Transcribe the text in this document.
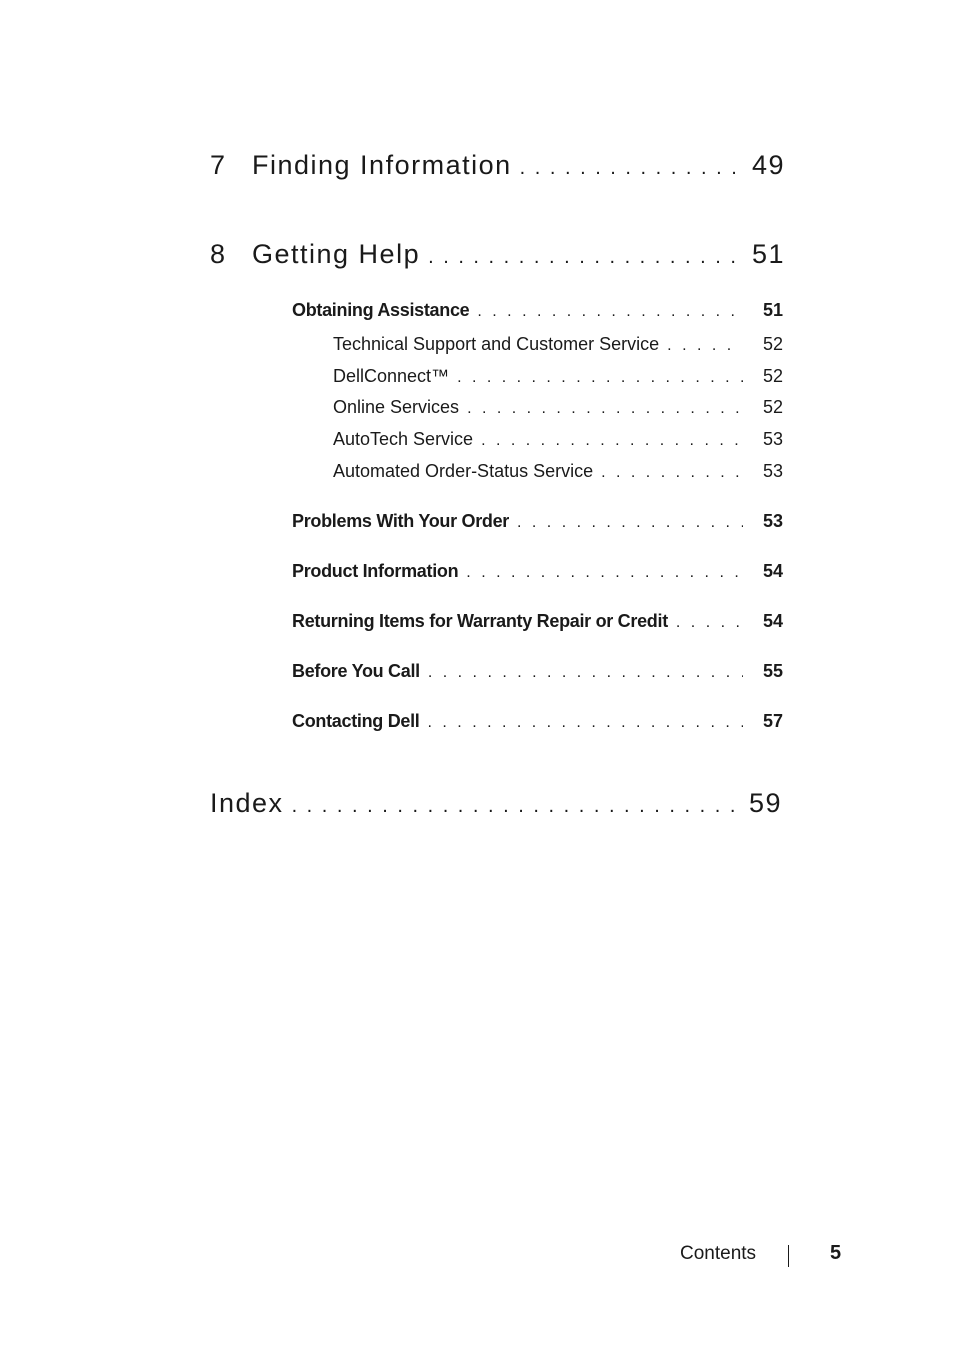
7 Finding Information . . .	49
8 Getting Help . . .	51
Obtaining Assistance . . .	51
Technical Support and Customer Service . . .	52
DellConnect™ . . .	52
Online Services . . .	52
AutoTech Service . . .	53
Automated Order-Status Service . . .	53
Problems With Your Order . . .	53
Product Information . . .	54
Returning Items for Warranty Repair or Credit . . .	54
Before You Call . . .	55
Contacting Dell . . .	57
Index . . .	59
Contents	5
